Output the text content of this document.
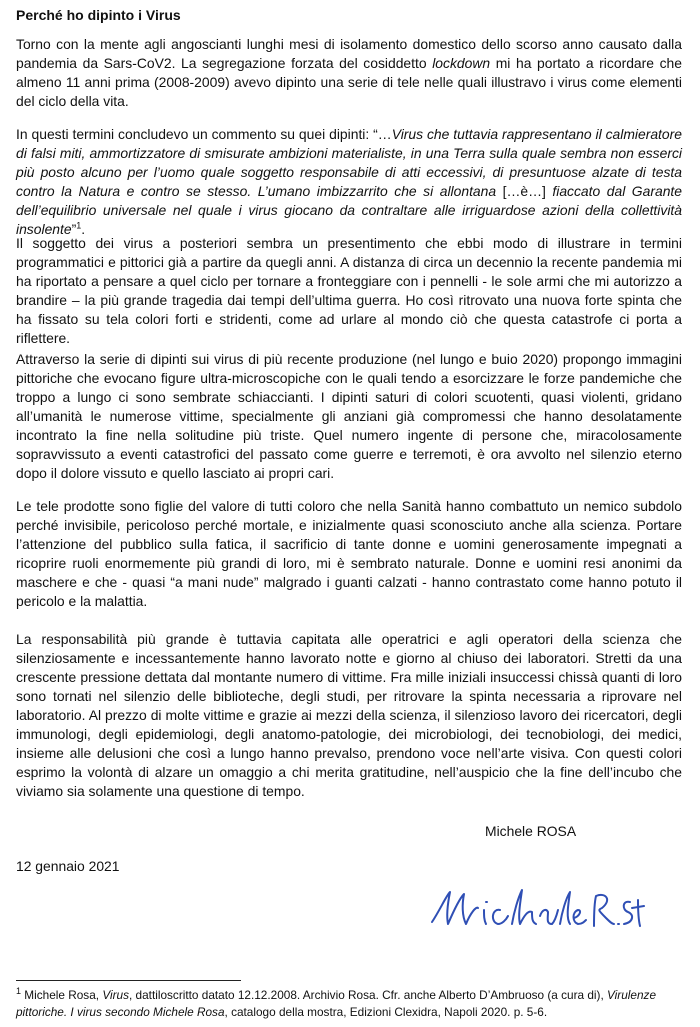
Perché ho dipinto i Virus

Torno con la mente agli angoscianti lunghi mesi di isolamento domestico dello scorso anno causato dalla pandemia da Sars-CoV2. La segregazione forzata del cosiddetto lockdown mi ha portato a ricordare che almeno 11 anni prima (2008-2009) avevo dipinto una serie di tele nelle quali illustravo i virus come elementi del ciclo della vita.

In questi termini concludevo un commento su quei dipinti: “…Virus che tuttavia rappresentano il calmieratore di falsi miti, ammortizzatore di smisurate ambizioni materialiste, in una Terra sulla quale sembra non esserci più posto alcuno per l’uomo quale soggetto responsabile di atti eccessivi, di presuntuose alzate di testa contro la Natura e contro se stesso. L’umano imbizzarrito che si allontana […è…] fiaccato dal Garante dell’equilibrio universale nel quale i virus giocano da contraltare alle irriguardose azioni della collettività insolente”$^1$.

Il soggetto dei virus a posteriori sembra un presentimento che ebbi modo di illustrare in termini programmatici e pittorici già a partire da quegli anni. A distanza di circa un decennio la recente pandemia mi ha riportato a pensare a quel ciclo per tornare a fronteggiare con i pennelli - le sole armi che mi autorizzo a brandire – la più grande tragedia dai tempi dell’ultima guerra. Ho così ritrovato una nuova forte spinta che ha fissato su tela colori forti e stridenti, come ad urlare al mondo ciò che questa catastrofe ci porta a riflettere.

Attraverso la serie di dipinti sui virus di più recente produzione (nel lungo e buio 2020) propongo immagini pittoriche che evocano figure ultra-microscopiche con le quali tendo a esorcizzare le forze pandemiche che troppo a lungo ci sono sembrate schiaccianti. I dipinti saturi di colori scuotenti, quasi violenti, gridano all’umanità le numerose vittime, specialmente gli anziani già compromessi che hanno desolatamente incontrato la fine nella solitudine più triste. Quel numero ingente di persone che, miracolosamente sopravvissuto a eventi catastrofici del passato come guerre e terremoti, è ora avvolto nel silenzio eterno dopo il dolore vissuto e quello lasciato ai propri cari.

Le tele prodotte sono figlie del valore di tutti coloro che nella Sanità hanno combattuto un nemico subdolo perché invisibile, pericoloso perché mortale, e inizialmente quasi sconosciuto anche alla scienza. Portare l’attenzione del pubblico sulla fatica, il sacrificio di tante donne e uomini generosamente impegnati a ricoprire ruoli enormemente più grandi di loro, mi è sembrato naturale. Donne e uomini resi anonimi da maschere e che - quasi “a mani nude” malgrado i guanti calzati - hanno contrastato come hanno potuto il pericolo e la malattia.

La responsabilità più grande è tuttavia capitata alle operatrici e agli operatori della scienza che silenziosamente e incessantemente hanno lavorato notte e giorno al chiuso dei laboratori. Stretti da una crescente pressione dettata dal montante numero di vittime. Fra mille iniziali insuccessi chissà quanti di loro sono tornati nel silenzio delle biblioteche, degli studi, per ritrovare la spinta necessaria a riprovare nel laboratorio. Al prezzo di molte vittime e grazie ai mezzi della scienza, il silenzioso lavoro dei ricercatori, degli immunologi, degli epidemiologi, degli anatomo-patologie, dei microbiologi, dei tecnobiologi, dei medici, insieme alle delusioni che così a lungo hanno prevalso, prendono voce nell’arte visiva. Con questi colori esprimo la volontà di alzare un omaggio a chi merita gratitudine, nell’auspicio che la fine dell’incubo che viviamo sia solamente una questione di tempo.

Michele ROSA
12 gennaio 2021

$^1$ Michele Rosa, Virus, dattiloscritto datato 12.12.2008. Archivio Rosa. Cfr. anche Alberto D’Ambruoso (a cura di), Virulenze pittoriche. I virus secondo Michele Rosa, catalogo della mostra, Edizioni Clexidra, Napoli 2020. p. 5-6.
